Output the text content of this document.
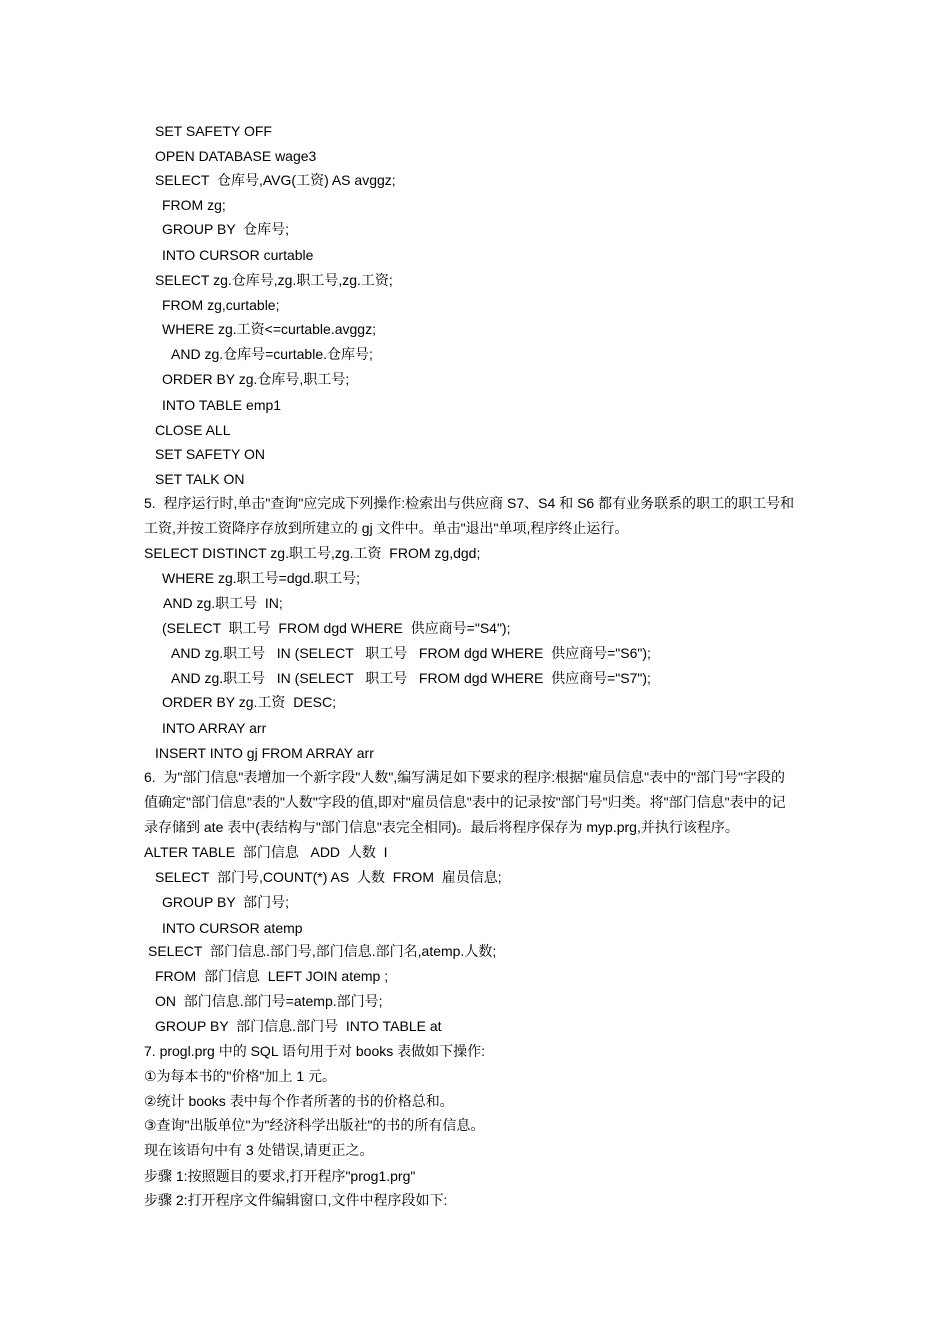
SET SAFETY OFF
OPEN DATABASE wage3
SELECT  仓库号,AVG(工资) AS avggz;
FROM zg;
GROUP BY  仓库号;
INTO CURSOR curtable
SELECT zg.仓库号,zg.职工号,zg.工资;
FROM zg,curtable;
WHERE zg.工资<=curtable.avggz;
AND zg.仓库号=curtable.仓库号;
ORDER BY zg.仓库号,职工号;
INTO TABLE emp1
CLOSE ALL
SET SAFETY ON
SET TALK ON
5.  程序运行时,单击"查询"应完成下列操作:检索出与供应商 S7、S4 和 S6 都有业务联系的职工的职工号和
工资,并按工资降序存放到所建立的 gj 文件中。单击"退出"单项,程序终止运行。
SELECT DISTINCT zg.职工号,zg.工资  FROM zg,dgd;
WHERE zg.职工号=dgd.职工号;
AND zg.职工号  IN;
(SELECT  职工号  FROM dgd WHERE  供应商号="S4");
AND zg.职工号   IN (SELECT   职工号   FROM dgd WHERE  供应商号="S6");
AND zg.职工号   IN (SELECT   职工号   FROM dgd WHERE  供应商号="S7");
ORDER BY zg.工资  DESC;
INTO ARRAY arr
INSERT INTO gj FROM ARRAY arr
6.  为"部门信息"表增加一个新字段"人数",编写满足如下要求的程序:根据"雇员信息"表中的"部门号"字段的
值确定"部门信息"表的"人数"字段的值,即对"雇员信息"表中的记录按"部门号"归类。将"部门信息"表中的记
录存储到 ate 表中(表结构与"部门信息"表完全相同)。最后将程序保存为 myp.prg,并执行该程序。
ALTER TABLE  部门信息   ADD  人数  I
SELECT  部门号,COUNT(*) AS  人数  FROM  雇员信息;
GROUP BY  部门号;
INTO CURSOR atemp
SELECT  部门信息.部门号,部门信息.部门名,atemp.人数;
FROM  部门信息  LEFT JOIN atemp ;
ON  部门信息.部门号=atemp.部门号;
GROUP BY  部门信息.部门号  INTO TABLE at
7. progl.prg 中的 SQL 语句用于对 books 表做如下操作:
①为每本书的"价格"加上 1 元。
②统计 books 表中每个作者所著的书的价格总和。
③查询"出版单位"为"经济科学出版社"的书的所有信息。
现在该语句中有 3 处错误,请更正之。
步骤 1:按照题目的要求,打开程序"prog1.prg"
步骤 2:打开程序文件编辑窗口,文件中程序段如下:
